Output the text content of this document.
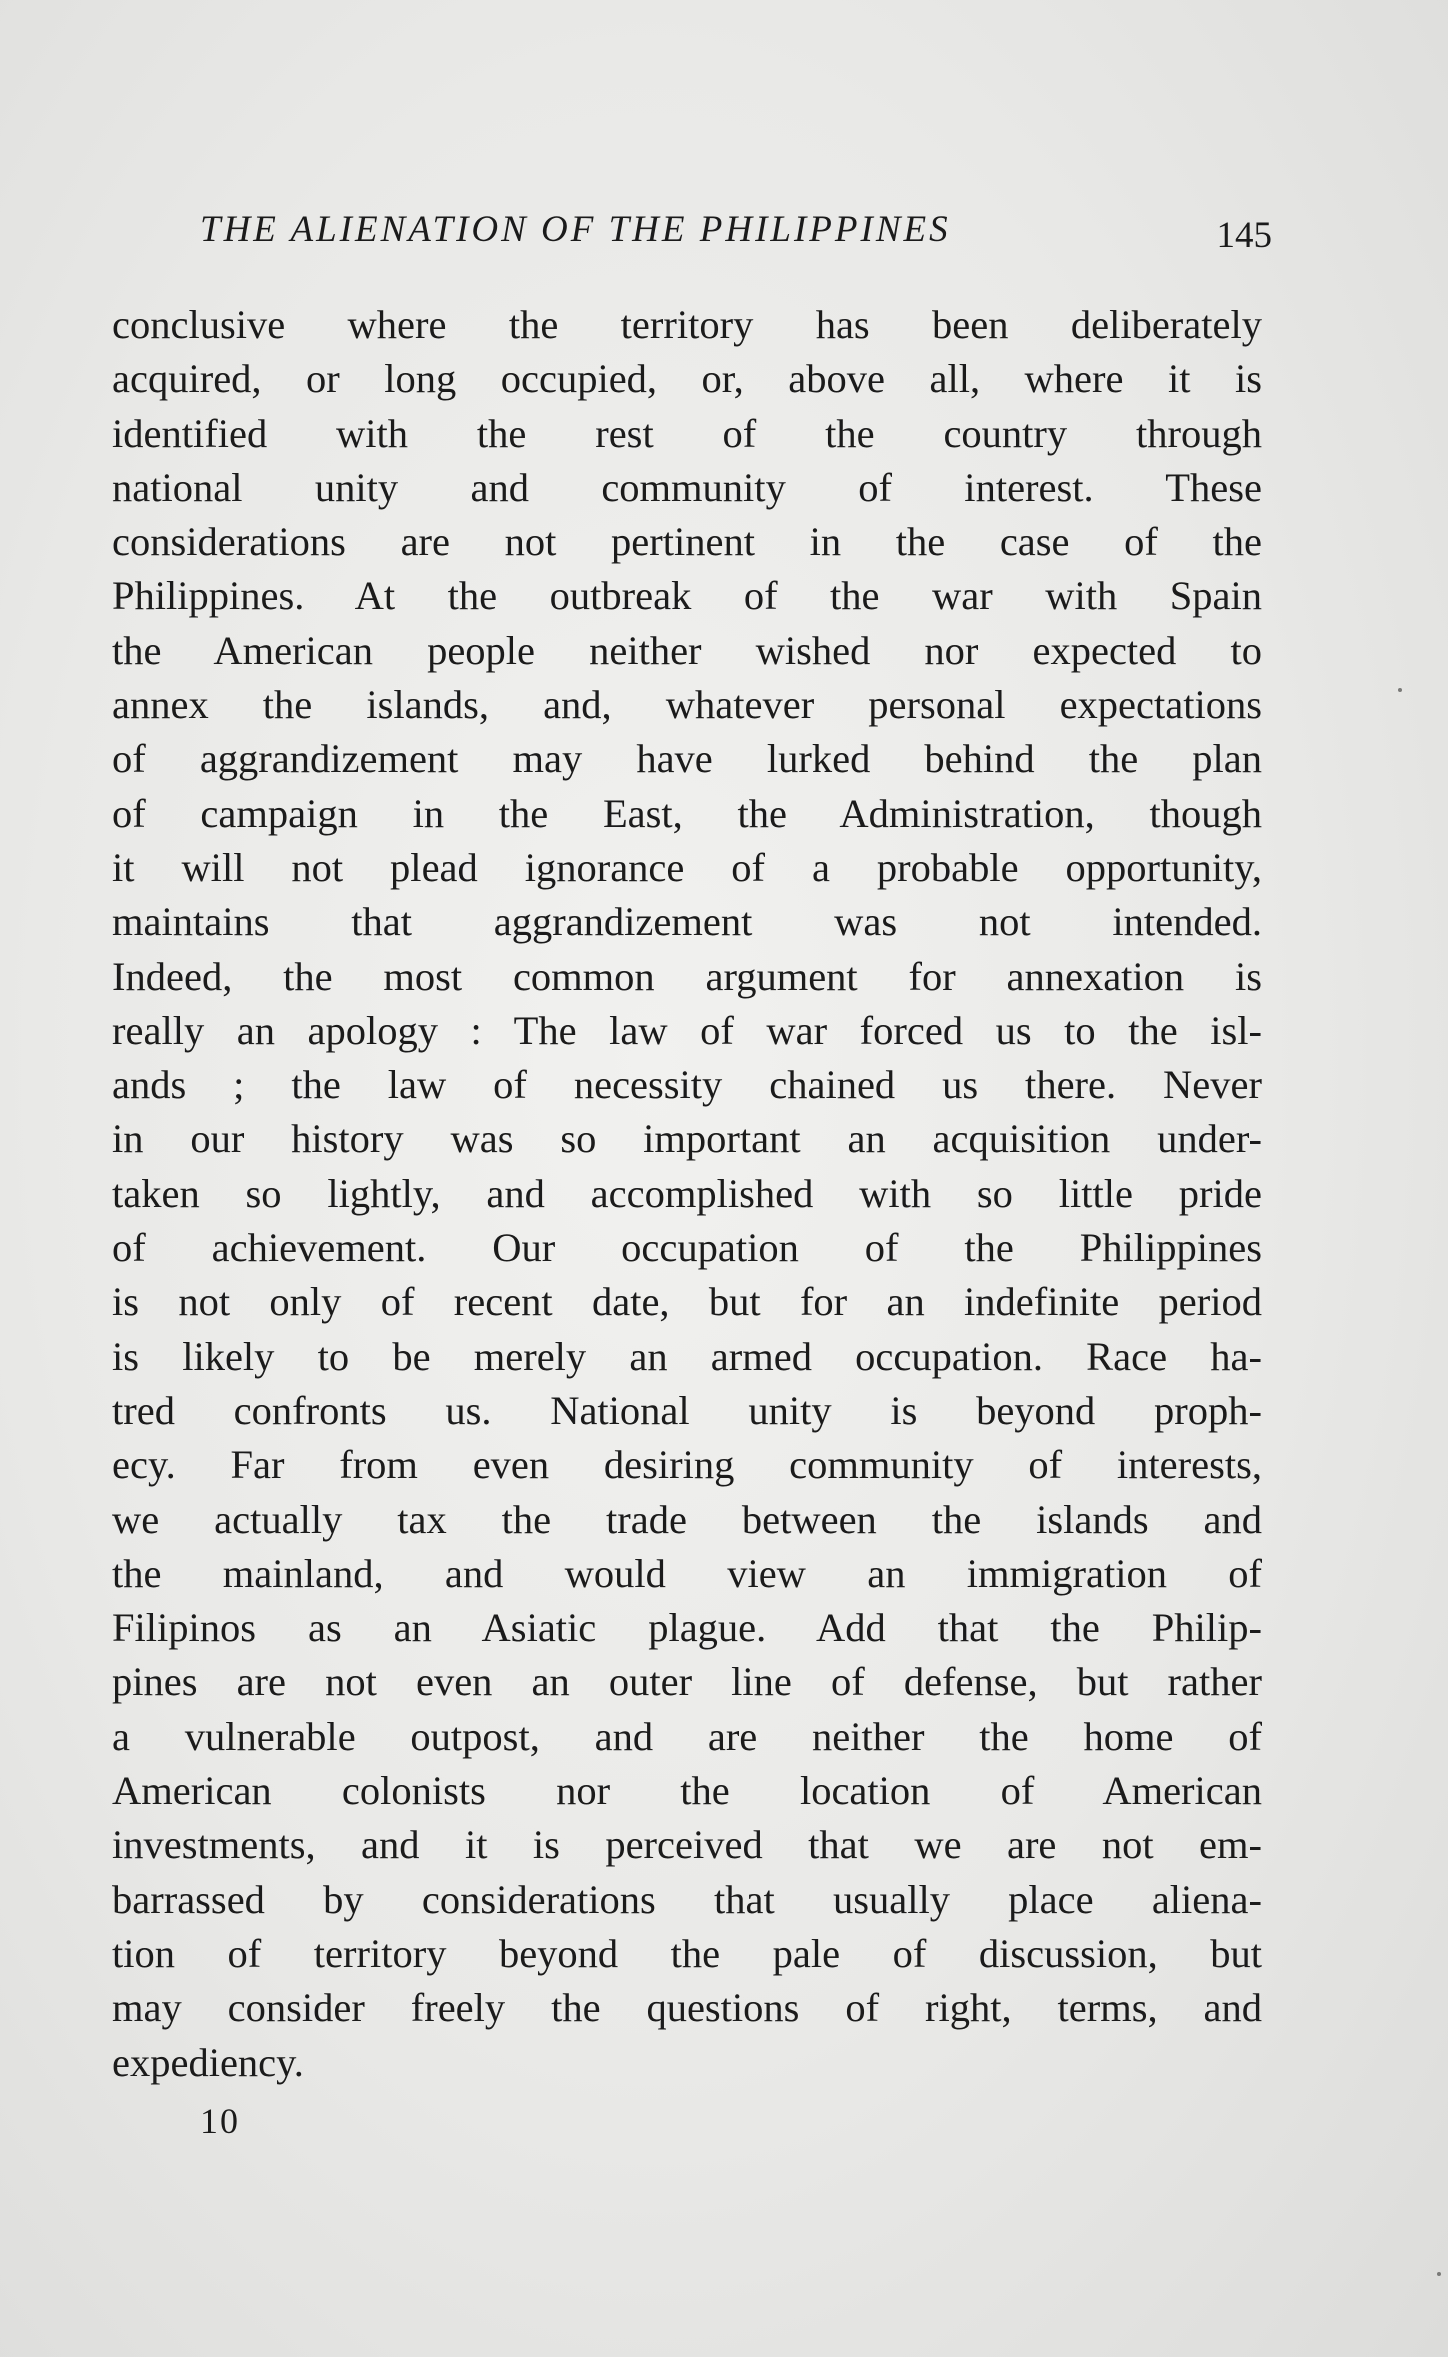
THE ALIENATION OF THE PHILIPPINES	145
conclusive where the territory has been deliberately
acquired, or long occupied, or, above all, where it is
identified with the rest of the country through
national unity and community of interest. These
considerations are not pertinent in the case of the
Philippines. At the outbreak of the war with Spain
the American people neither wished nor expected to
annex the islands, and, whatever personal expectations
of aggrandizement may have lurked behind the plan
of campaign in the East, the Administration, though
it will not plead ignorance of a probable opportunity,
maintains that aggrandizement was not intended.
Indeed, the most common argument for annexation is
really an apology : The law of war forced us to the isl-
ands ; the law of necessity chained us there. Never
in our history was so important an acquisition under-
taken so lightly, and accomplished with so little pride
of achievement. Our occupation of the Philippines
is not only of recent date, but for an indefinite period
is likely to be merely an armed occupation. Race ha-
tred confronts us. National unity is beyond proph-
ecy. Far from even desiring community of interests,
we actually tax the trade between the islands and
the mainland, and would view an immigration of
Filipinos as an Asiatic plague. Add that the Philip-
pines are not even an outer line of defense, but rather
a vulnerable outpost, and are neither the home of
American colonists nor the location of American
investments, and it is perceived that we are not em-
barrassed by considerations that usually place aliena-
tion of territory beyond the pale of discussion, but
may consider freely the questions of right, terms, and
expediency.
10
